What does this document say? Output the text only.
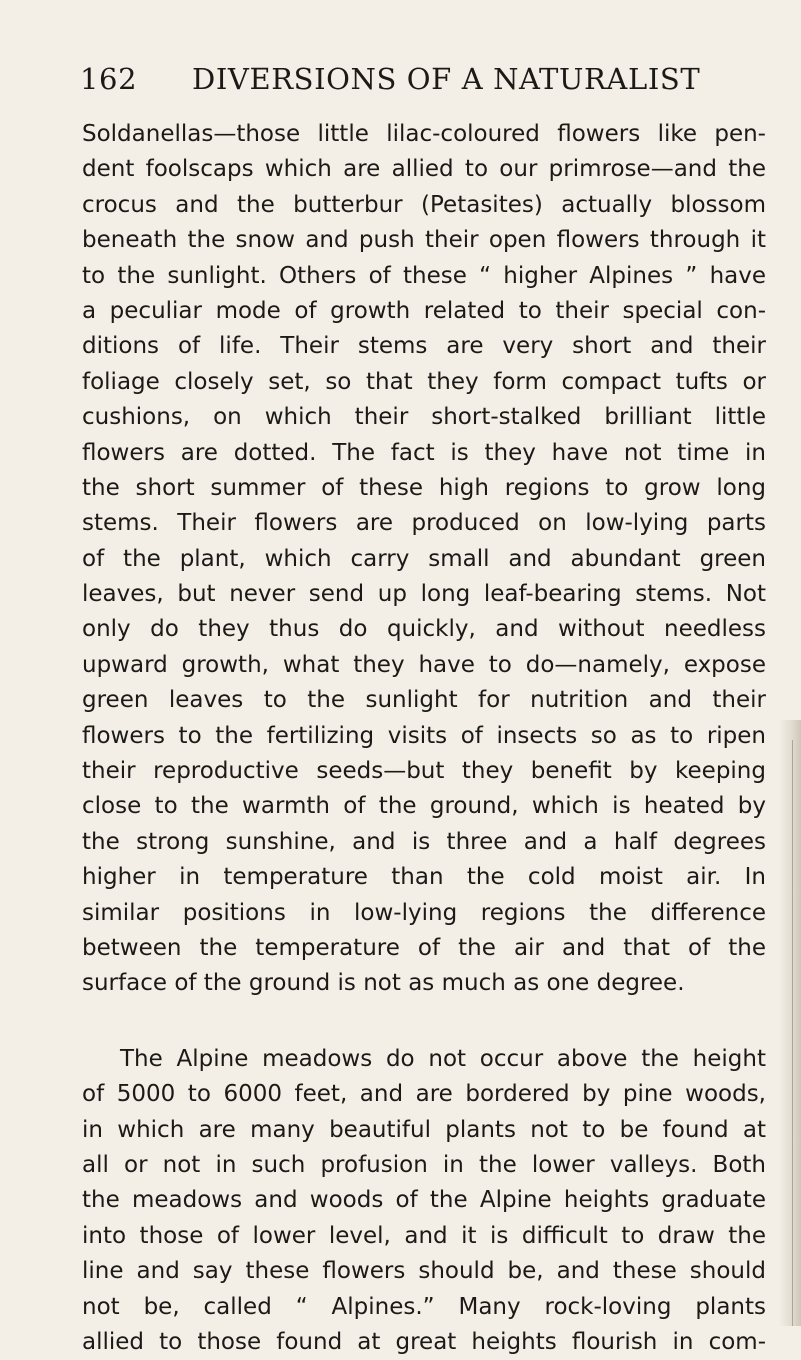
162 DIVERSIONS OF A NATURALIST
Soldanellas—those little lilac-coloured flowers like pen-
dent foolscaps which are allied to our primrose—and the
crocus and the butterbur (Petasites) actually blossom
beneath the snow and push their open flowers through it
to the sunlight. Others of these “ higher Alpines ” have
a peculiar mode of growth related to their special con-
ditions of life. Their stems are very short and their
foliage closely set, so that they form compact tufts or
cushions, on which their short-stalked brilliant little
flowers are dotted. The fact is they have not time in
the short summer of these high regions to grow long
stems. Their flowers are produced on low-lying parts
of the plant, which carry small and abundant green
leaves, but never send up long leaf-bearing stems. Not
only do they thus do quickly, and without needless
upward growth, what they have to do—namely, expose
green leaves to the sunlight for nutrition and their
flowers to the fertilizing visits of insects so as to ripen
their reproductive seeds—but they benefit by keeping
close to the warmth of the ground, which is heated by
the strong sunshine, and is three and a half degrees
higher in temperature than the cold moist air. In
similar positions in low-lying regions the difference
between the temperature of the air and that of the
surface of the ground is not as much as one degree.
The Alpine meadows do not occur above the height
of 5000 to 6000 feet, and are bordered by pine woods,
in which are many beautiful plants not to be found at
all or not in such profusion in the lower valleys. Both
the meadows and woods of the Alpine heights graduate
into those of lower level, and it is difficult to draw the
line and say these flowers should be, and these should
not be, called “ Alpines.” Many rock-loving plants
allied to those found at great heights flourish in com-
